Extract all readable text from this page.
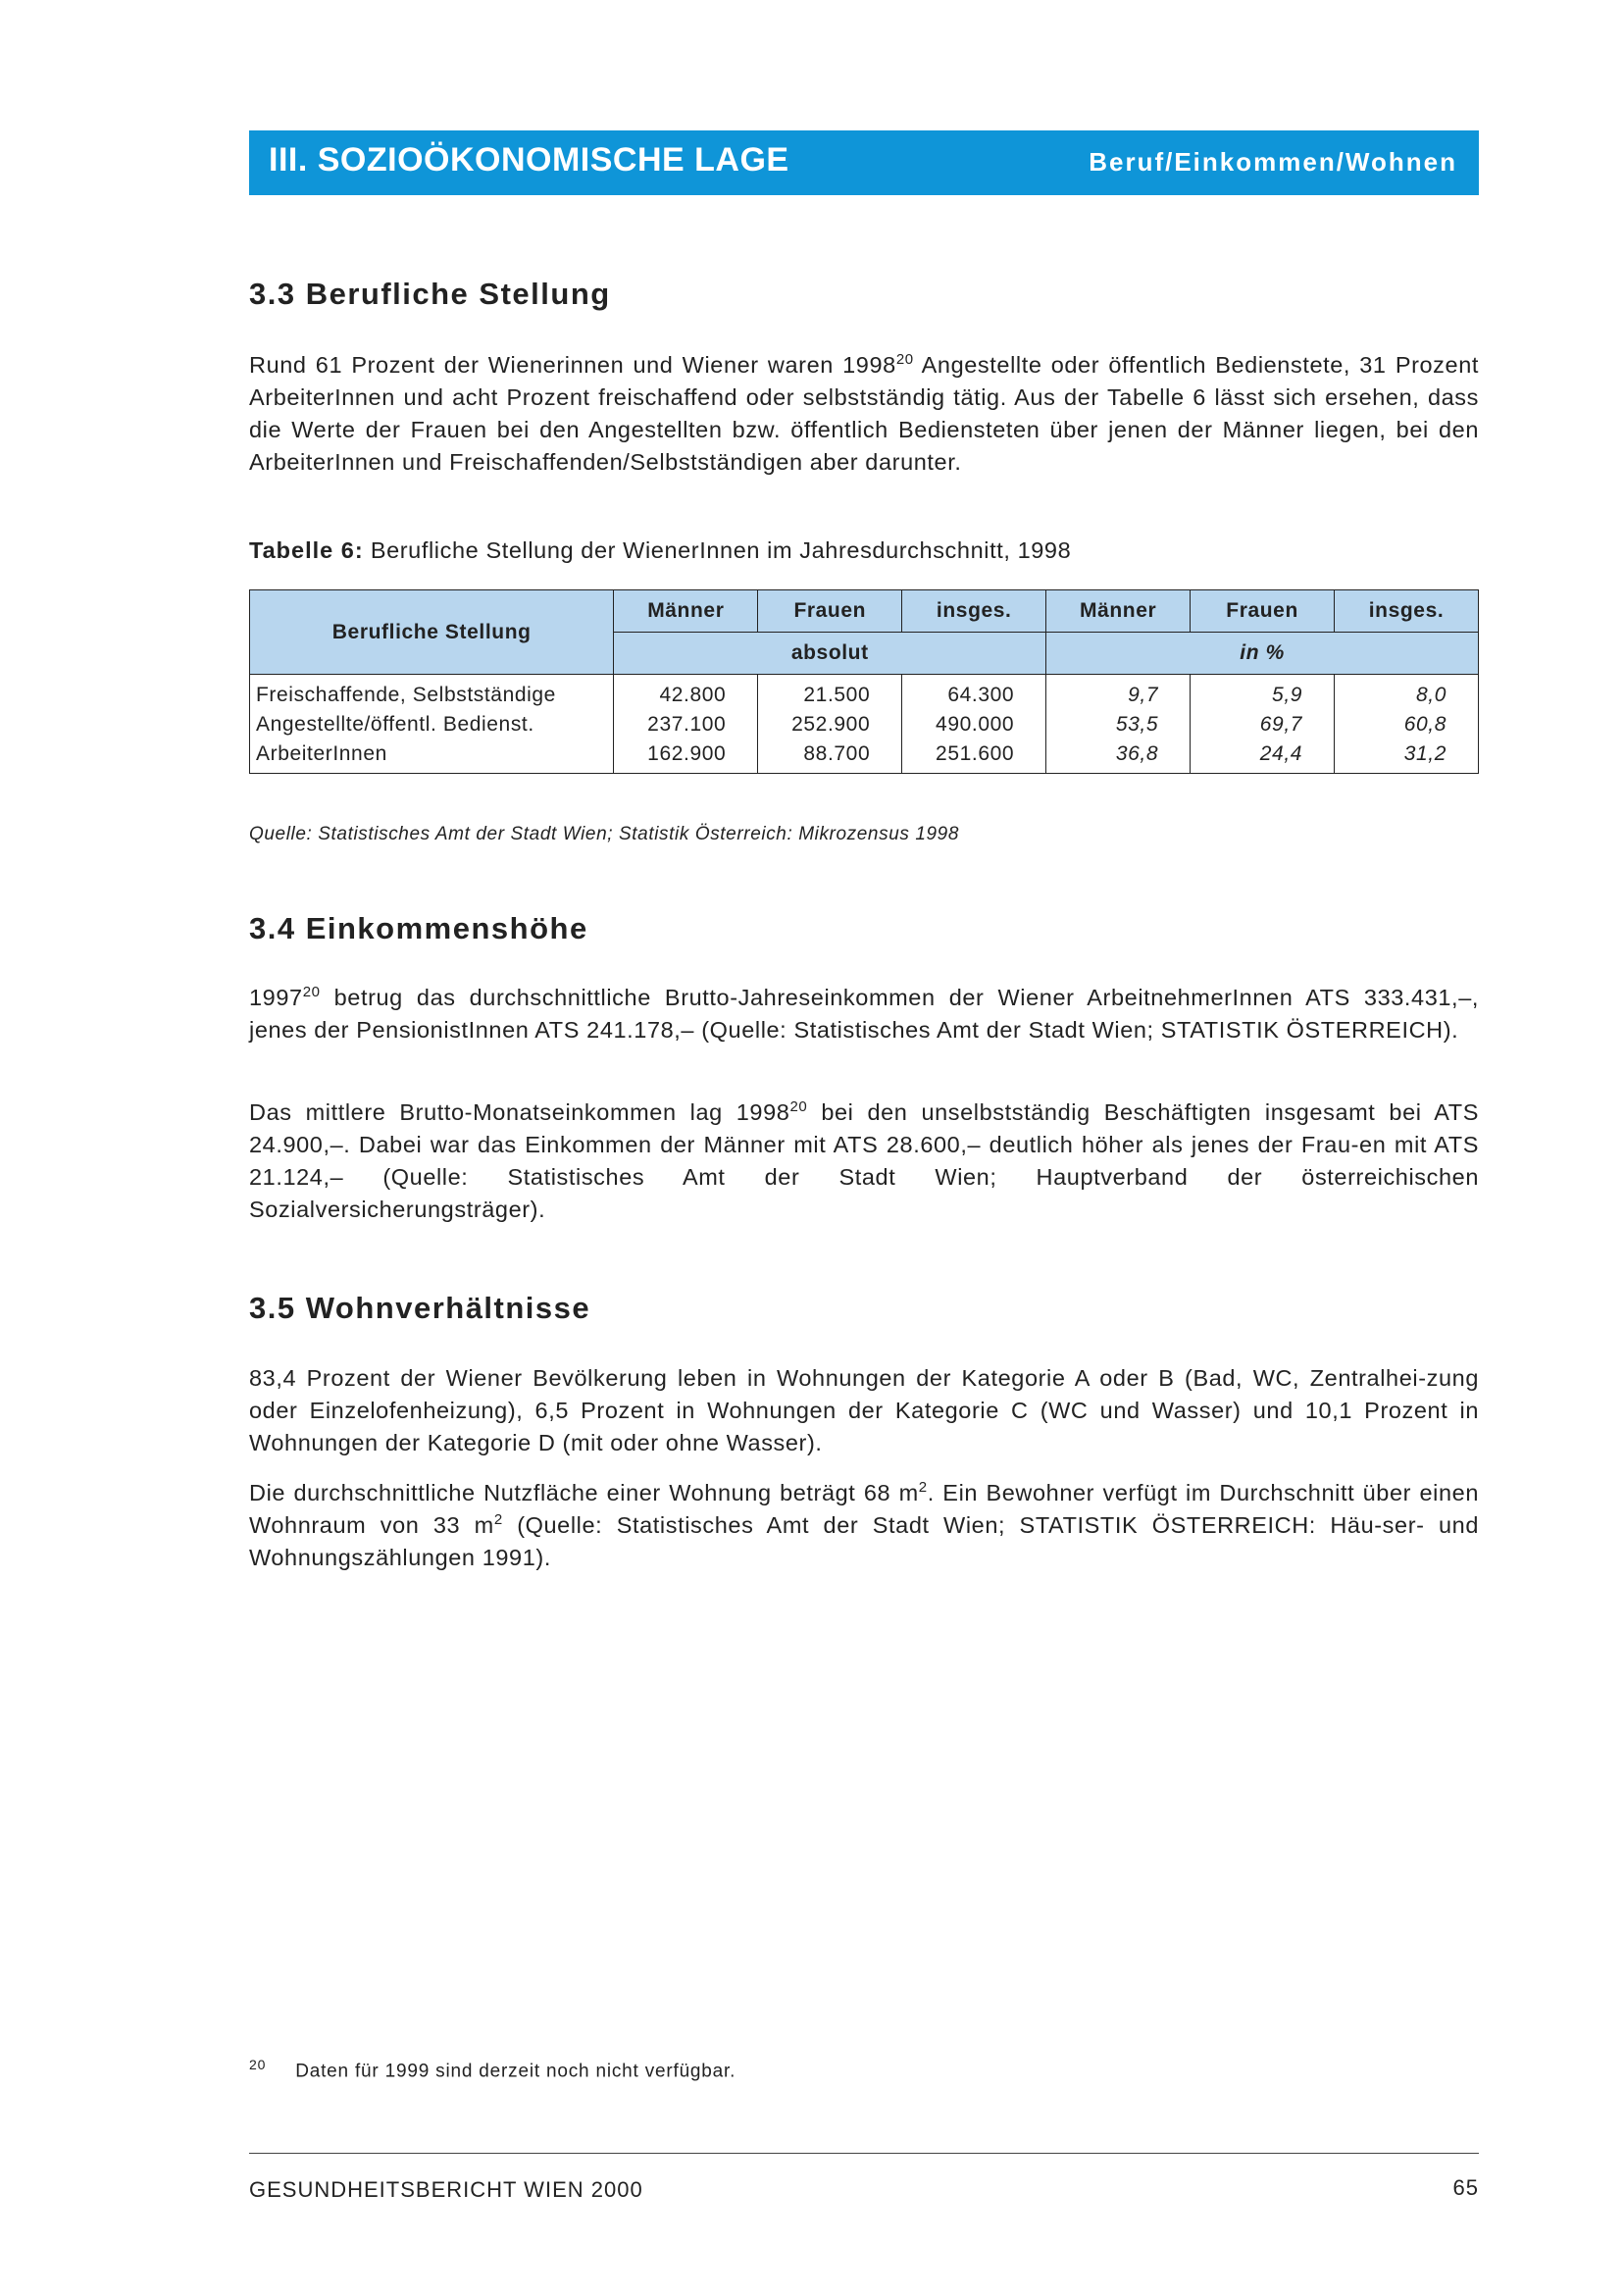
III. SOZIOÖKONOMISCHE LAGE	Beruf/Einkommen/Wohnen
3.3 Berufliche Stellung

Rund 61 Prozent der Wienerinnen und Wiener waren 1998$^{20}$ Angestellte oder öffentlich Bedienstete, 31 Prozent ArbeiterInnen und acht Prozent freischaffend oder selbstständig tätig. Aus der Tabelle 6 lässt sich ersehen, dass die Werte der Frauen bei den Angestellten bzw. öffentlich Bediensteten über jenen der Männer liegen, bei den ArbeiterInnen und Freischaffenden/Selbstständigen aber darunter.

Tabelle 6: Berufliche Stellung der WienerInnen im Jahresdurchschnitt, 1998
Berufliche Stellung	Männer	Frauen	insges.	Männer	Frauen	insges.
	absolut			in %		
Freischaffende, Selbstständige	42.800	21.500	64.300	9,7	5,9	8,0
Angestellte/öffentl. Bedienst.	237.100	252.900	490.000	53,5	69,7	60,8
ArbeiterInnen	162.900	88.700	251.600	36,8	24,4	31,2
Quelle: Statistisches Amt der Stadt Wien; Statistik Österreich: Mikrozensus 1998
3.4 Einkommenshöhe

1997$^{20}$ betrug das durchschnittliche Brutto-Jahreseinkommen der Wiener ArbeitnehmerInnen ATS 333.431,–, jenes der PensionistInnen ATS 241.178,– (Quelle: Statistisches Amt der Stadt Wien; STATISTIK ÖSTERREICH).

Das mittlere Brutto-Monatseinkommen lag 1998$^{20}$ bei den unselbstständig Beschäftigten insgesamt bei ATS 24.900,–. Dabei war das Einkommen der Männer mit ATS 28.600,– deutlich höher als jenes der Frau-en mit ATS 21.124,– (Quelle: Statistisches Amt der Stadt Wien; Hauptverband der österreichischen Sozialversicherungsträger).

3.5 Wohnverhältnisse

83,4 Prozent der Wiener Bevölkerung leben in Wohnungen der Kategorie A oder B (Bad, WC, Zentralhei-zung oder Einzelofenheizung), 6,5 Prozent in Wohnungen der Kategorie C (WC und Wasser) und 10,1 Prozent in Wohnungen der Kategorie D (mit oder ohne Wasser).

Die durchschnittliche Nutzfläche einer Wohnung beträgt 68 $m^2$. Ein Bewohner verfügt im Durchschnitt über einen Wohnraum von 33 $m^2$ (Quelle: Statistisches Amt der Stadt Wien; STATISTIK ÖSTERREICH: Häu-ser- und Wohnungszählungen 1991).

$^{20}$ Daten für 1999 sind derzeit noch nicht verfügbar.
GESUNDHEITSBERICHT WIEN 2000	65
